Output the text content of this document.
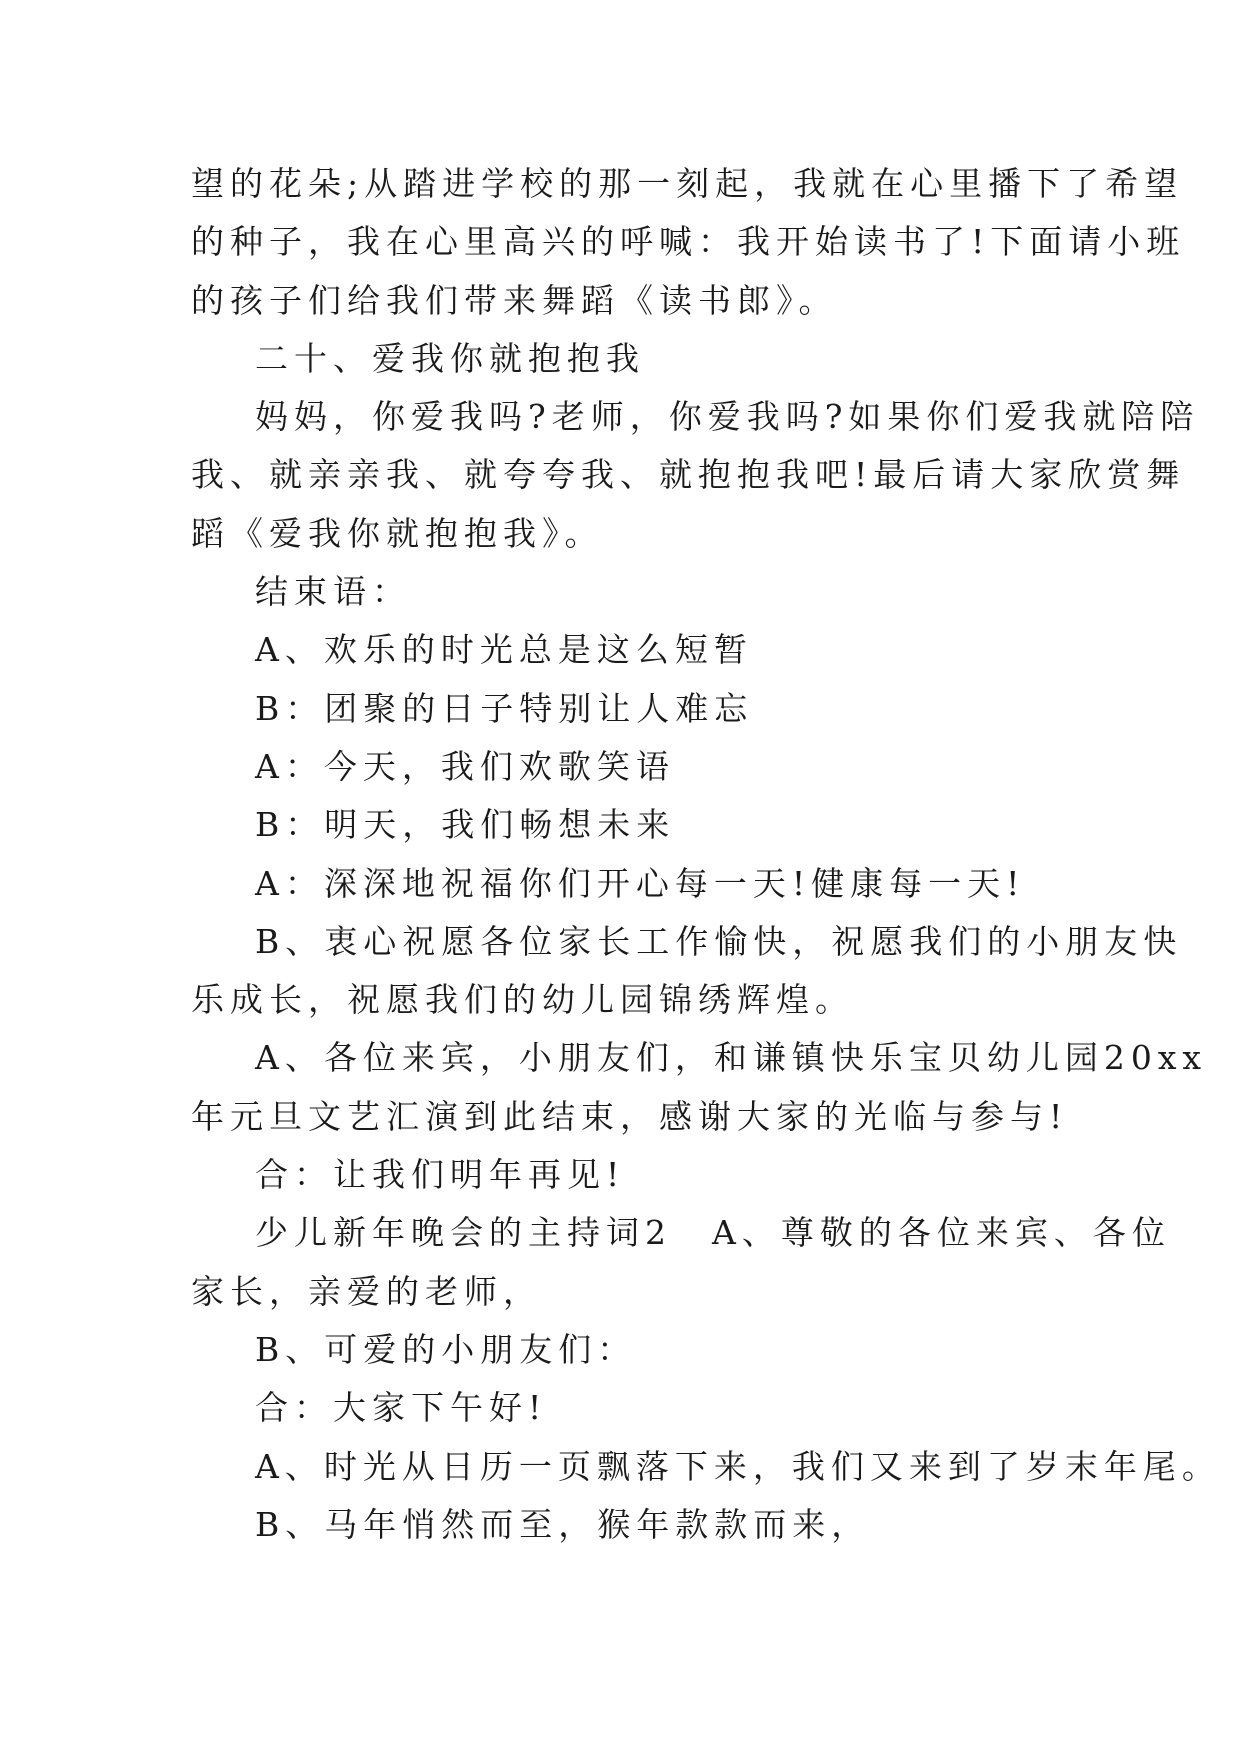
望的花朵;从踏进学校的那一刻起，我就在心里播下了希望
的种子，我在心里高兴的呼喊：我开始读书了!下面请小班
的孩子们给我们带来舞蹈《读书郎》。
二十、爱我你就抱抱我
妈妈，你爱我吗?老师，你爱我吗?如果你们爱我就陪陪
我、就亲亲我、就夸夸我、就抱抱我吧!最后请大家欣赏舞
蹈《爱我你就抱抱我》。
结束语：
A、欢乐的时光总是这么短暂
B：团聚的日子特别让人难忘
A：今天，我们欢歌笑语
B：明天，我们畅想未来
A：深深地祝福你们开心每一天!健康每一天!
B、衷心祝愿各位家长工作愉快，祝愿我们的小朋友快
乐成长，祝愿我们的幼儿园锦绣辉煌。
A、各位来宾，小朋友们，和谦镇快乐宝贝幼儿园20xx
年元旦文艺汇演到此结束，感谢大家的光临与参与!
合：让我们明年再见!
少儿新年晚会的主持词2 A、尊敬的各位来宾、各位
家长，亲爱的老师，
B、可爱的小朋友们：
合：大家下午好!
A、时光从日历一页飘落下来，我们又来到了岁末年尾。
B、马年悄然而至，猴年款款而来，
